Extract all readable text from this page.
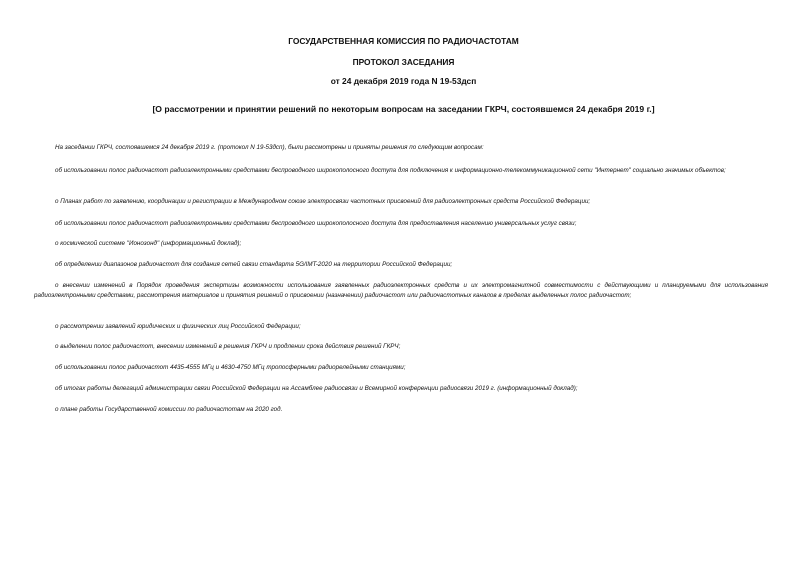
ГОСУДАРСТВЕННАЯ КОМИССИЯ ПО РАДИОЧАСТОТАМ
ПРОТОКОЛ ЗАСЕДАНИЯ
от 24 декабря 2019 года N 19-53дсп
[О рассмотрении и принятии решений по некоторым вопросам на заседании ГКРЧ, состоявшемся 24 декабря 2019 г.]
На заседании ГКРЧ, состоявшемся 24 декабря 2019 г. (протокол N 19-53дсп), были рассмотрены и приняты решения по следующим вопросам:
об использовании полос радиочастот радиоэлектронными средствами беспроводного широкополосного доступа для подключения к информационно-телекоммуникационной сети "Интернет" социально значимых объектов;
о Планах работ по заявлению, координации и регистрации в Международном союзе электросвязи частотных присвоений для радиоэлектронных средств Российской Федерации;
об использовании полос радиочастот радиоэлектронными средствами беспроводного широкополосного доступа для предоставления населению универсальных услуг связи;
о космической системе "Ионозонд" (информационный доклад);
об определении диапазонов радиочастот для создания сетей связи стандарта 5G/IMT-2020 на территории Российской Федерации;
о внесении изменений в Порядок проведения экспертизы возможности использования заявленных радиоэлектронных средств и их электромагнитной совместимости с действующими и планируемыми для использования радиоэлектронными средствами, рассмотрения материалов и принятия решений о присвоении (назначении) радиочастот или радиочастотных каналов в пределах выделенных полос радиочастот;
о рассмотрении заявлений юридических и физических лиц Российской Федерации;
о выделении полос радиочастот, внесении изменений в решения ГКРЧ и продлении срока действия решений ГКРЧ;
об использовании полос радиочастот 4435-4555 МГц и 4630-4750 МГц тропосферными радиорелейными станциями;
об итогах работы делегаций администрации связи Российской Федерации на Ассамблее радиосвязи и Всемирной конференции радиосвязи 2019 г. (информационный доклад);
о плане работы Государственной комиссии по радиочастотам на 2020 год.
